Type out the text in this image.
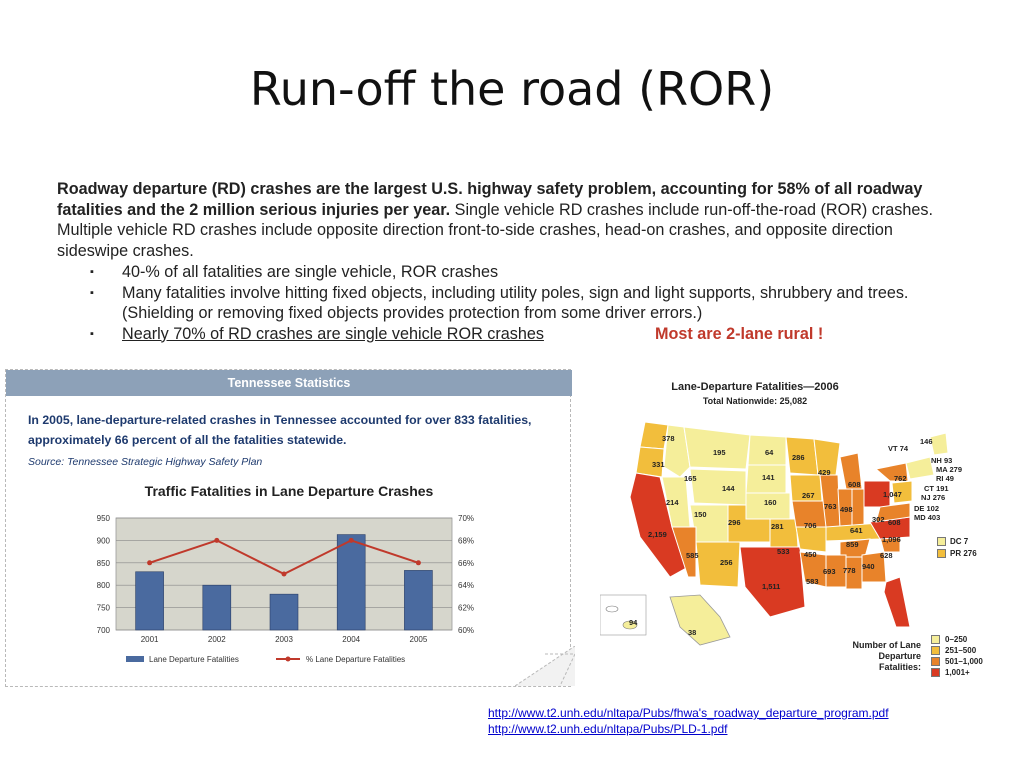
Run-off the road (ROR)
Roadway departure (RD) crashes are the largest U.S. highway safety problem, accounting for 58% of all roadway fatalities and the 2 million serious injuries per year. Single vehicle RD crashes include run-off-the-road (ROR) crashes. Multiple vehicle RD crashes include opposite direction front-to-side crashes, head-on crashes, and opposite direction sideswipe crashes.
▪ 40-% of all fatalities are single vehicle, ROR crashes
▪ Many fatalities involve hitting fixed objects, including utility poles, sign and light supports, shrubbery and trees. (Shielding or removing fixed objects provides protection from some driver errors.)
▪ Nearly 70% of RD crashes are single vehicle ROR crashes	Most are 2-lane rural !
Tennessee Statistics
In 2005, lane-departure-related crashes in Tennessee accounted for over 833 fatalities, approximately 66 percent of all the fatalities statewide.
Source: Tennessee Strategic Highway Safety Plan
Traffic Fatalities in Lane Departure Crashes
950
900
850
800
750
700
70%
68%
66%
64%
62%
60%
2001	2002	2003	2004	2005
Lane Departure Fatalities	% Lane Departure Fatalities
Lane-Departure Fatalities—2006
Total Nationwide: 25,082
378
331
165
195	64
286
214
144
141
150
296
160
429
267
608
762
2,159
585
256
281	706
763 498
1,047
302 608
641
859
1,096
628
533 450
583
693 778 940
1,511
94
38
146
VT 74
NH 93
MA 279
RI 49
CT 191
NJ 276
DE 102
MD 403
DC 7
PR 276
Number of Lane Departure Fatalities:
0–250
251–500
501–1,000
1,001+
http://www.t2.unh.edu/nltapa/Pubs/fhwa's_roadway_departure_program.pdf
http://www.t2.unh.edu/nltapa/Pubs/PLD-1.pdf
